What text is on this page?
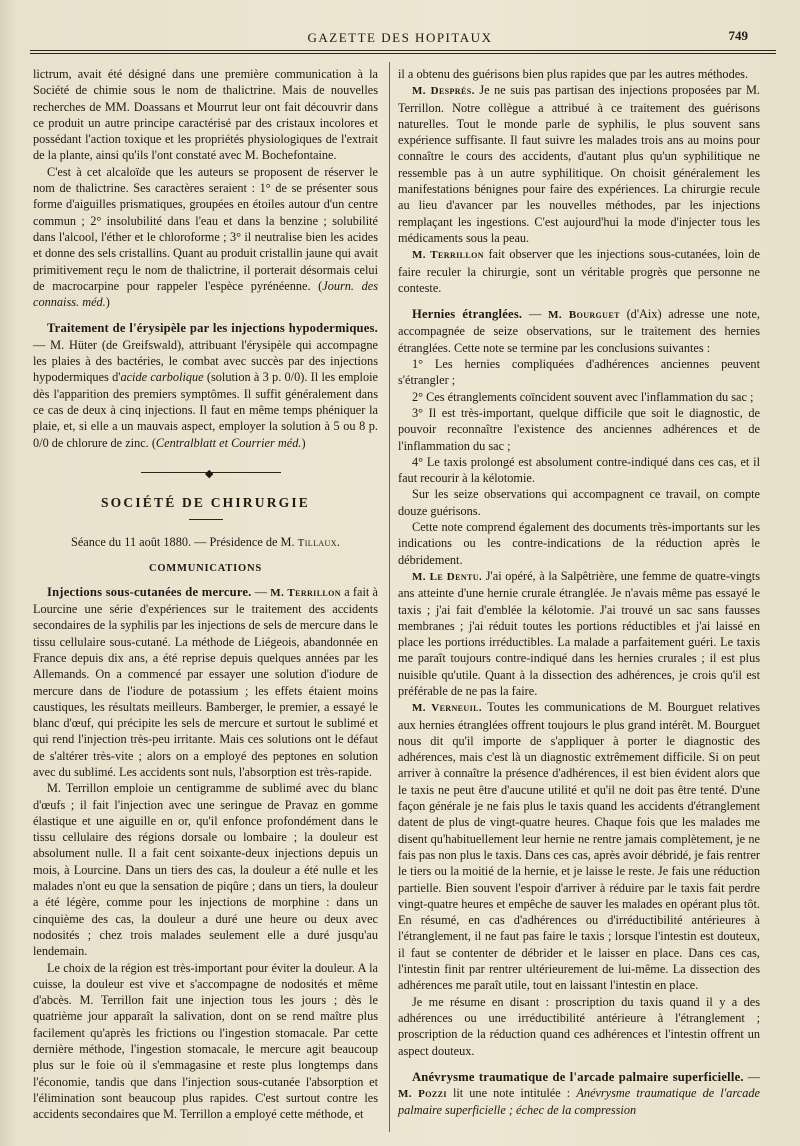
GAZETTE DES HOPITAUX	749

lictrum, avait été désigné dans une première communication à la Société de chimie sous le nom de thalictrine. Mais de nouvelles recherches de MM. Doassans et Mourrut leur ont fait découvrir dans ce produit un autre principe caractérisé par des cristaux incolores et possédant l'action toxique et les propriétés physiologiques de l'extrait de la plante, ainsi qu'ils l'ont constaté avec M. Bochefontaine.

C'est à cet alcaloïde que les auteurs se proposent de réserver le nom de thalictrine. Ses caractères seraient : 1° de se présenter sous forme d'aiguilles prismatiques, groupées en étoiles autour d'un centre commun ; 2° insolubilité dans l'eau et dans la benzine ; solubilité dans l'alcool, l'éther et le chloroforme ; 3° il neutralise bien les acides et donne des sels cristallins. Quant au produit cristallin jaune qui avait primitivement reçu le nom de thalictrine, il porterait désormais celui de macrocarpine pour rappeler l'espèce pyrénéenne. (Journ. des connaiss. méd.)

Traitement de l'érysipèle par les injections hypodermiques. — M. Hüter (de Greifswald), attribuant l'érysipèle qui accompagne les plaies à des bactéries, le combat avec succès par des injections hypodermiques d'acide carbolique (solution à 3 p. 0/0). Il les emploie dès l'apparition des premiers symptômes. Il suffit généralement dans ce cas de deux à cinq injections. Il faut en même temps phéniquer la plaie, et, si elle a un mauvais aspect, employer la solution à 5 ou 8 p. 0/0 de chlorure de zinc. (Centralblatt et Courrier méd.)

◆
SOCIÉTÉ DE CHIRURGIE

Séance du 11 août 1880. — Présidence de M. Tillaux.

COMMUNICATIONS

Injections sous-cutanées de mercure. — M. Terrillon a fait à Lourcine une série d'expériences sur le traitement des accidents secondaires de la syphilis par les injections de sels de mercure dans le tissu cellulaire sous-cutané. La méthode de Liégeois, abandonnée en France depuis dix ans, a été reprise depuis quelques années par les Allemands. On a commencé par essayer une solution d'iodure de mercure dans de l'iodure de potassium ; les effets étaient moins caustiques, les résultats meilleurs. Bamberger, le premier, a essayé le blanc d'œuf, qui précipite les sels de mercure et surtout le sublimé et qui rend l'injection très-peu irritante. Mais ces solutions ont le défaut de s'altérer très-vite ; alors on a employé des peptones en solution avec du sublimé. Les accidents sont nuls, l'absorption est très-rapide.

M. Terrillon emploie un centigramme de sublimé avec du blanc d'œufs ; il fait l'injection avec une seringue de Pravaz en gomme élastique et une aiguille en or, qu'il enfonce profondément dans le tissu cellulaire des régions dorsale ou lombaire ; la douleur est absolument nulle. Il a fait cent soixante-deux injections depuis un mois, à Lourcine. Dans un tiers des cas, la douleur a été nulle et les malades n'ont eu que la sensation de piqûre ; dans un tiers, la douleur a été légère, comme pour les injections de morphine : dans un cinquième des cas, la douleur a duré une heure ou deux avec nodosités ; chez trois malades seulement elle a duré jusqu'au lendemain.

Le choix de la région est très-important pour éviter la douleur. A la cuisse, la douleur est vive et s'accompagne de nodosités et même d'abcès. M. Terrillon fait une injection tous les jours ; dès le quatrième jour apparaît la salivation, dont on se rend maître plus facilement qu'après les frictions ou l'ingestion stomacale. Par cette dernière méthode, l'ingestion stomacale, le mercure agit beaucoup plus sur le foie où il s'emmagasine et reste plus longtemps dans l'économie, tandis que dans l'injection sous-cutanée l'absorption et l'élimination sont beaucoup plus rapides. C'est surtout contre les accidents secondaires que M. Terrillon a employé cette méthode, et

il a obtenu des guérisons bien plus rapides que par les autres méthodes.

M. Després. Je ne suis pas partisan des injections proposées par M. Terrillon. Notre collègue a attribué à ce traitement des guérisons naturelles. Tout le monde parle de syphilis, le plus souvent sans expérience suffisante. Il faut suivre les malades trois ans au moins pour connaître le cours des accidents, d'autant plus qu'un syphilitique ne ressemble pas à un autre syphilitique. On choisit généralement les manifestations bénignes pour faire des expériences. La chirurgie recule au lieu d'avancer par les nouvelles méthodes, par les injections remplaçant les ingestions. C'est aujourd'hui la mode d'injecter tous les médicaments sous la peau.

M. Terrillon fait observer que les injections sous-cutanées, loin de faire reculer la chirurgie, sont un véritable progrès que personne ne conteste.

Hernies étranglées. — M. Bourguet (d'Aix) adresse une note, accompagnée de seize observations, sur le traitement des hernies étranglées. Cette note se termine par les conclusions suivantes :

1° Les hernies compliquées d'adhérences anciennes peuvent s'étrangler ;

2° Ces étranglements coïncident souvent avec l'inflammation du sac ;

3° Il est très-important, quelque difficile que soit le diagnostic, de pouvoir reconnaître l'existence des anciennes adhérences et de l'inflammation du sac ;

4° Le taxis prolongé est absolument contre-indiqué dans ces cas, et il faut recourir à la kélotomie.

Sur les seize observations qui accompagnent ce travail, on compte douze guérisons.

Cette note comprend également des documents très-importants sur les indications ou les contre-indications de la réduction après le débridement.

M. Le Dentu. J'ai opéré, à la Salpêtrière, une femme de quatre-vingts ans atteinte d'une hernie crurale étranglée. Je n'avais même pas essayé le taxis ; j'ai fait d'emblée la kélotomie. J'ai trouvé un sac sans fausses membranes ; j'ai réduit toutes les portions réductibles et j'ai laissé en place les portions irréductibles. La malade a parfaitement guéri. Le taxis me paraît toujours contre-indiqué dans les hernies crurales ; il est plus nuisible qu'utile. Quant à la dissection des adhérences, je crois qu'il est préférable de ne pas la faire.

M. Verneuil. Toutes les communications de M. Bourguet relatives aux hernies étranglées offrent toujours le plus grand intérêt. M. Bourguet nous dit qu'il importe de s'appliquer à porter le diagnostic des adhérences, mais c'est là un diagnostic extrêmement difficile. Si on peut arriver à connaître la présence d'adhérences, il est bien évident alors que le taxis ne peut être d'aucune utilité et qu'il ne doit pas être tenté. D'une façon générale je ne fais plus le taxis quand les accidents d'étranglement datent de plus de vingt-quatre heures. Chaque fois que les malades me disent qu'habituellement leur hernie ne rentre jamais complètement, je ne fais pas non plus le taxis. Dans ces cas, après avoir débridé, je fais rentrer le tiers ou la moitié de la hernie, et je laisse le reste. Je fais une réduction partielle. Bien souvent l'espoir d'arriver à réduire par le taxis fait perdre vingt-quatre heures et empêche de sauver les malades en opérant plus tôt. En résumé, en cas d'adhérences ou d'irréductibilité antérieures à l'étranglement, il ne faut pas faire le taxis ; lorsque l'intestin est douteux, il faut se contenter de débrider et le laisser en place. Dans ces cas, l'intestin finit par rentrer ultérieurement de lui-même. La dissection des adhérences me paraît utile, tout en laissant l'intestin en place.

Je me résume en disant : proscription du taxis quand il y a des adhérences ou une irréductibilité antérieure à l'étranglement ; proscription de la réduction quand ces adhérences et l'intestin offrent un aspect douteux.

Anévrysme traumatique de l'arcade palmaire superficielle. — M. Pozzi lit une note intitulée : Anévrysme traumatique de l'arcade palmaire superficielle ; échec de la compression
